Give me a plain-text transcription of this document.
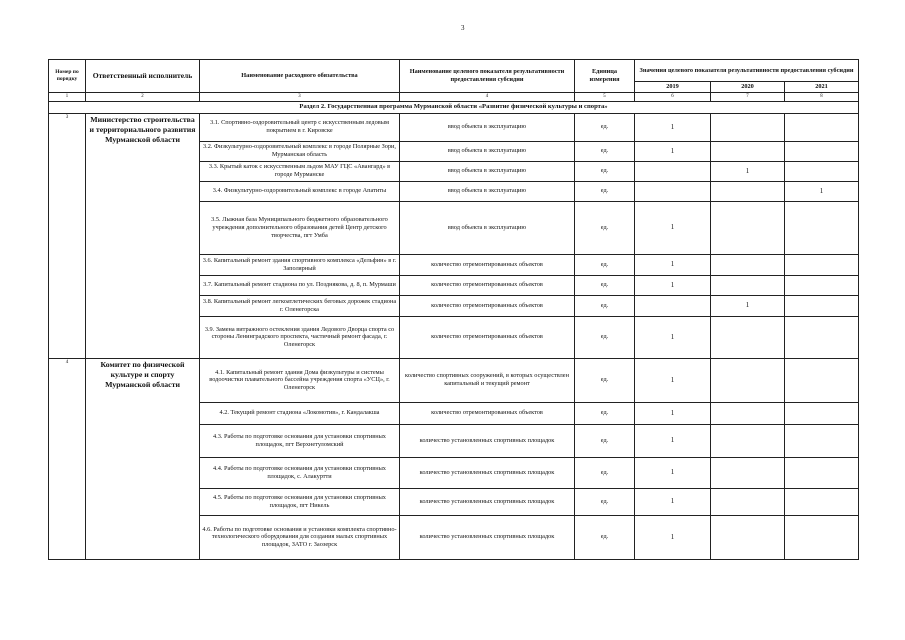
3
Номер по порядку	Ответственный исполнитель	Наименование расходного обязательства	Наименование целевого показателя результативности предоставления субсидии	Единица измерения	Значения целевого показателя результативности предоставления субсидии		
					2019	2020	2021
1	2	3	4	5	6	7	8
Раздел 2. Государственная программа Мурманской области «Развитие физической культуры и спорта»							
3	Министерство строительства и территориального развития Мурманской области	3.1. Спортивно-оздоровительный центр с искусственным ледовым покрытием в г. Кировске	ввод объекта в эксплуатацию	ед.	1		
		3.2. Физкультурно-оздоровительный комплекс в городе Полярные Зори, Мурманская область	ввод объекта в эксплуатацию	ед.	1		
		3.3. Крытый каток с искусственным льдом МАУ ГЦС «Авангард» в городе Мурманске	ввод объекта в эксплуатацию	ед.		1	
		3.4. Физкультурно-оздоровительный комплекс в городе Апатиты	ввод объекта в эксплуатацию	ед.			1
		3.5. Лыжная база Муниципального бюджетного образовательного учреждения дополнительного образования детей Центр детского творчества, пгт Умба	ввод объекта в эксплуатацию	ед.	1		
		3.6. Капитальный ремонт здания спортивного комплекса «Дельфин» в г. Заполярный	количество отремонтированных объектов	ед.	1		
		3.7. Капитальный ремонт стадиона по ул. Позднякова, д. 8, п. Мурмаши	количество отремонтированных объектов	ед.	1		
		3.8. Капитальный ремонт легкоатлетических беговых дорожек стадиона г. Оленегорска	количество отремонтированных объектов	ед.		1	
		3.9. Замена витражного остекления здания Ледового Дворца спорта со стороны Ленинградского проспекта, частичный ремонт фасада, г. Оленегорск	количество отремонтированных объектов	ед.	1		
4	Комитет по физической культуре и спорту Мурманской области	4.1. Капитальный ремонт здания Дома физкультуры и системы водоочистки плавательного бассейна учреждения спорта «УСЦ», г. Оленегорск	количество спортивных сооружений, в которых осуществлен капитальный и текущий ремонт	ед.	1		
		4.2. Текущий ремонт стадиона «Локомотив», г. Кандалакша	количество отремонтированных объектов	ед.	1		
		4.3. Работы по подготовке основания для установки спортивных площадок, пгт Верхнетуломский	количество установленных спортивных площадок	ед.	1		
		4.4. Работы по подготовке основания для установки спортивных площадок, с. Алакуртти	количество установленных спортивных площадок	ед.	1		
		4.5. Работы по подготовке основания для установки спортивных площадок, пгт Никель	количество установленных спортивных площадок	ед.	1		
		4.6. Работы по подготовке основания и установки комплекта спортивно-технологического оборудования для создания малых спортивных площадок, ЗАТО г. Заозерск	количество установленных спортивных площадок	ед.	1		
